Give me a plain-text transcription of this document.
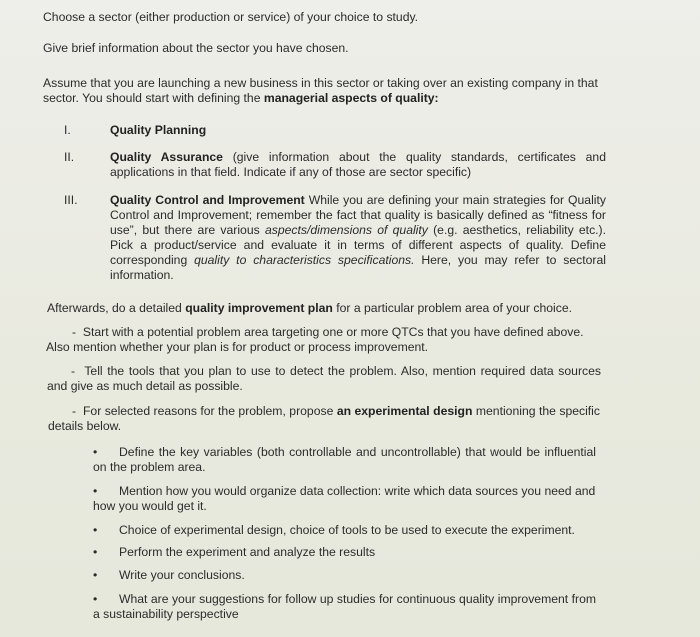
Choose a sector (either production or service) of your choice to study.

Give brief information about the sector you have chosen.

Assume that you are launching a new business in this sector or taking over an existing company in that sector. You should start with defining the managerial aspects of quality:

I.	Quality Planning
II.	Quality Assurance (give information about the quality standards, certificates and applications in that field. Indicate if any of those are sector specific)
III.	Quality Control and Improvement While you are defining your main strategies for Quality Control and Improvement; remember the fact that quality is basically defined as “fitness for use”, but there are various aspects/dimensions of quality (e.g. aesthetics, reliability etc.). Pick a product/service and evaluate it in terms of different aspects of quality. Define corresponding quality to characteristics specifications. Here, you may refer to sectoral information.

Afterwards, do a detailed quality improvement plan for a particular problem area of your choice.

-  Start with a potential problem area targeting one or more QTCs that you have defined above. Also mention whether your plan is for product or process improvement.

-  Tell the tools that you plan to use to detect the problem. Also, mention required data sources and give as much detail as possible.

-  For selected reasons for the problem, propose an experimental design mentioning the specific details below.

• Define the key variables (both controllable and uncontrollable) that would be influential on the problem area.

• Mention how you would organize data collection: write which data sources you need and how you would get it.

• Choice of experimental design, choice of tools to be used to execute the experiment.

• Perform the experiment and analyze the results

• Write your conclusions.

• What are your suggestions for follow up studies for continuous quality improvement from a sustainability perspective
